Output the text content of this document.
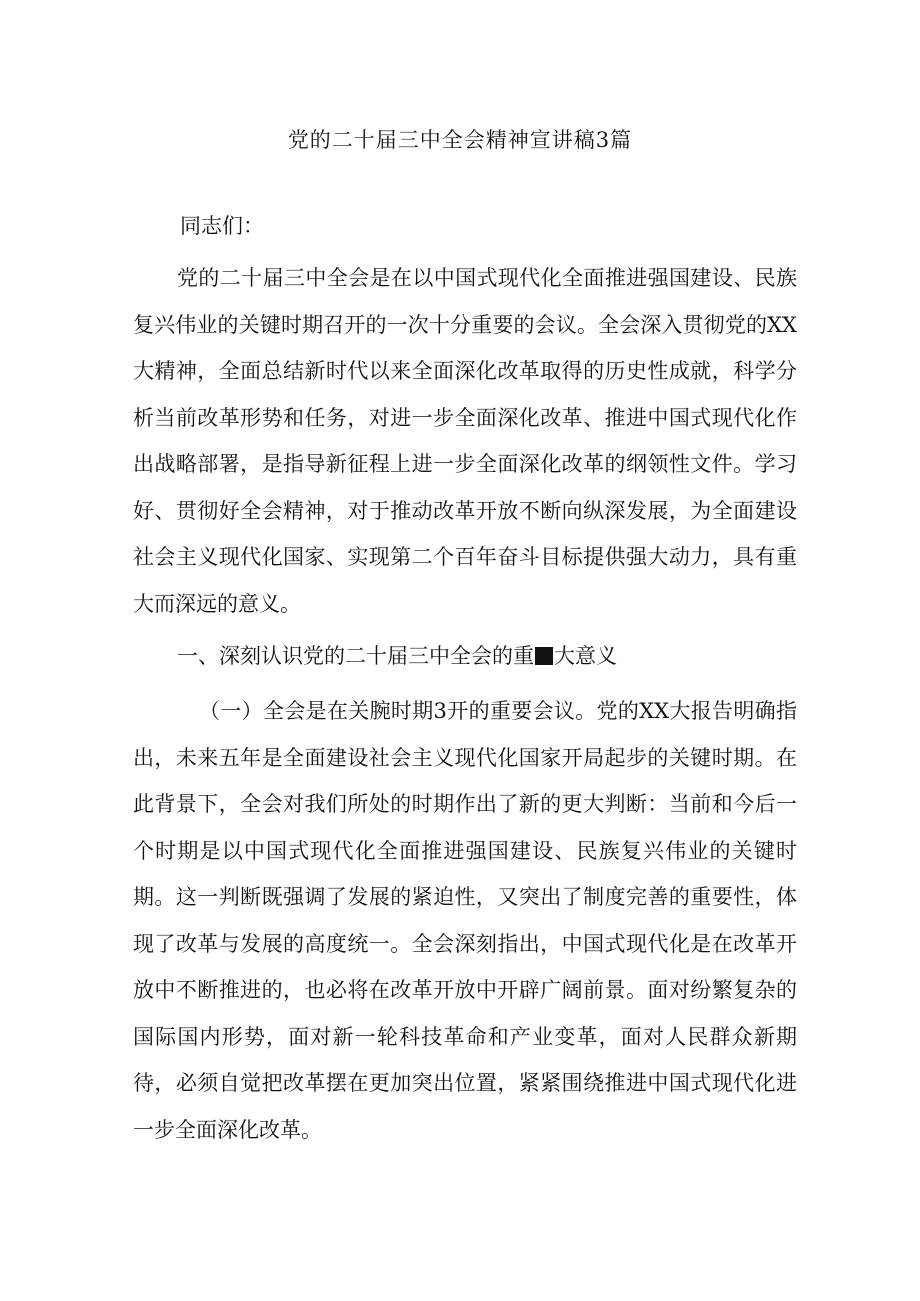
党的二十届三中全会精神宣讲稿3篇
同志们：

党的二十届三中全会是在以中国式现代化全面推进强国建设、民族复兴伟业的关键时期召开的一次十分重要的会议。全会深入贯彻党的XX大精神，全面总结新时代以来全面深化改革取得的历史性成就，科学分析当前改革形势和任务，对进一步全面深化改革、推进中国式现代化作出战略部署，是指导新征程上进一步全面深化改革的纲领性文件。学习好、贯彻好全会精神，对于推动改革开放不断向纵深发展，为全面建设社会主义现代化国家、实现第二个百年奋斗目标提供强大动力，具有重大而深远的意义。

一、深刻认识党的二十届三中全会的重 大意义

（一）全会是在关腕时期3开的重要会议。党的XX大报告明确指出，未来五年是全面建设社会主义现代化国家开局起步的关键时期。在此背景下，全会对我们所处的时期作出了新的更大判断：当前和今后一个时期是以中国式现代化全面推进强国建设、民族复兴伟业的关键时期。这一判断既强调了发展的紧迫性，又突出了制度完善的重要性，体现了改革与发展的高度统一。全会深刻指出，中国式现代化是在改革开放中不断推进的，也必将在改革开放中开辟广阔前景。面对纷繁复杂的国际国内形势，面对新一轮科技革命和产业变革，面对人民群众新期待，必须自觉把改革摆在更加突出位置，紧紧围绕推进中国式现代化进一步全面深化改革。
